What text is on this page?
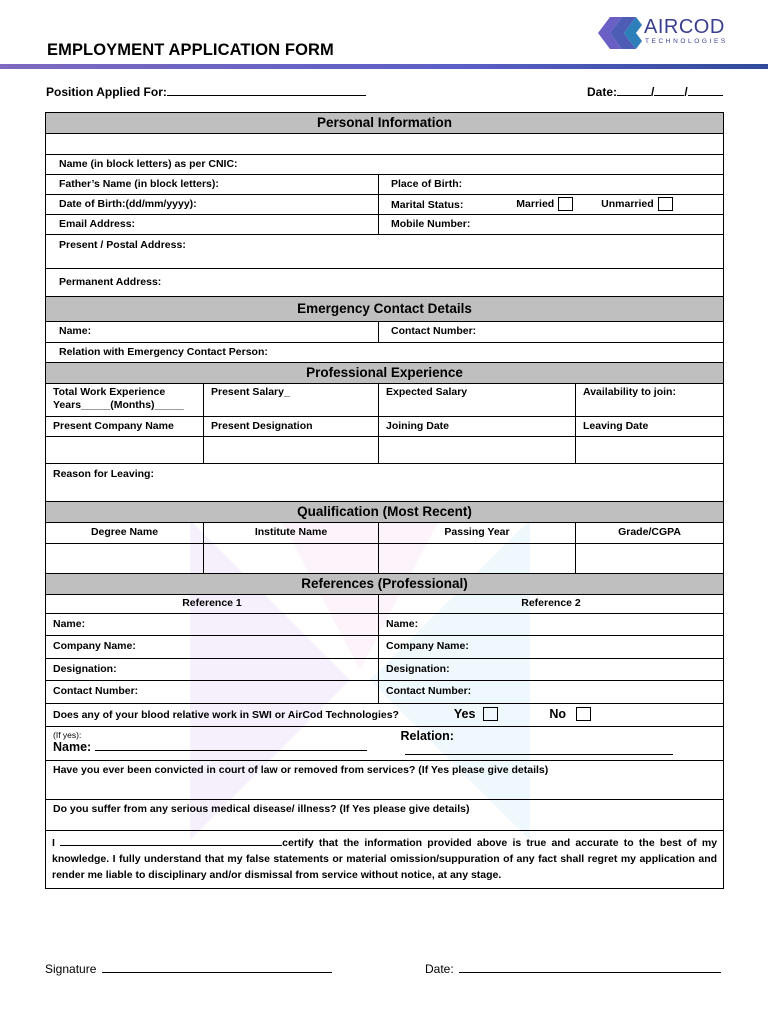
EMPLOYMENT APPLICATION FORM
AIRCOD
TECHNOLOGIES
Position Applied For:	Date:	/	/
Personal Information			

Name (in block letters) as per CNIC:			
Father’s Name (in block letters):		Place of Birth:	
Date of Birth:(dd/mm/yyyy):		Marital Status: Married Unmarried	
Email Address:		Mobile Number:	
Present / Postal Address:			
Permanent Address:			
Emergency Contact Details			
Name:		Contact Number:	
Relation with Emergency Contact Person:			
Professional Experience			
Total Work Experience
Years_____(Months)_____	Present Salary_	Expected Salary	Availability to join:
Present Company Name	Present Designation	Joining Date	Leaving Date

Reason for Leaving:			
Qualification (Most Recent)			
Degree Name	Institute Name	Passing Year	Grade/CGPA

References (Professional)			
Reference 1		Reference 2	
Name:		Name:	
Company Name:		Company Name:	
Designation:		Designation:	
Contact Number:		Contact Number:	
Does any of your blood relative work in SWI or AirCod Technologies? Yes No			

(If yes):
Name:		Relation:	
Have you ever been convicted in court of law or removed from services? (If Yes please give details)			
Do you suffer from any serious medical disease/ illness? (If Yes please give details)			
I certify that the information provided above is true and accurate to the best of my knowledge. I fully understand that my false statements or material omission/suppuration of any fact shall regret my application and render me liable to disciplinary and/or dismissal from service without notice, at any stage.			
Signature	Date:
